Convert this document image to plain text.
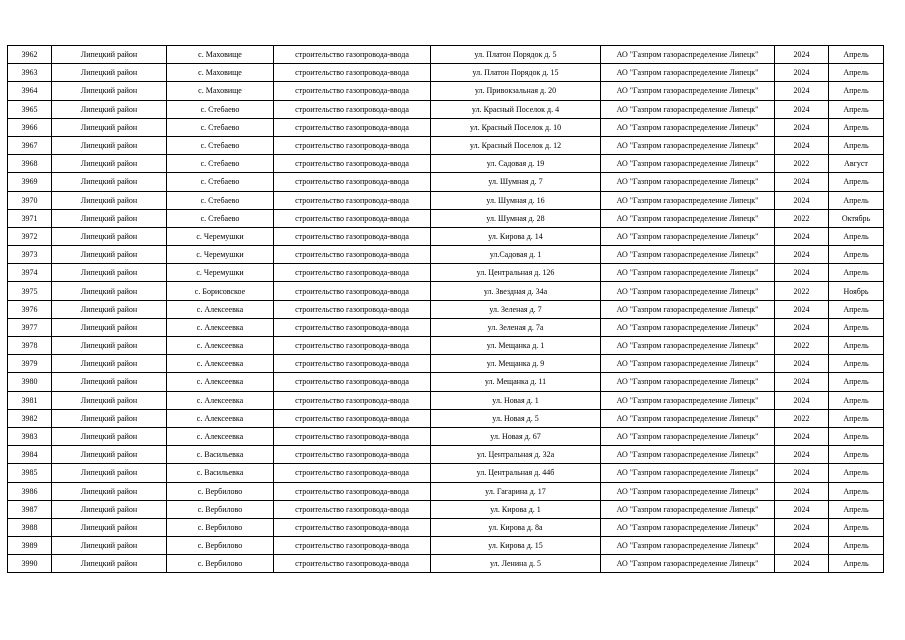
3962	Липецкий район	с. Маховище	строительство газопровода-ввода	ул. Платон Порядок д. 5	АО "Газпром газораспределение Липецк"	2024	Апрель
3963	Липецкий район	с. Маховище	строительство газопровода-ввода	ул. Платон Порядок д. 15	АО "Газпром газораспределение Липецк"	2024	Апрель
3964	Липецкий район	с. Маховище	строительство газопровода-ввода	ул. Привокзальная д. 20	АО "Газпром газораспределение Липецк"	2024	Апрель
3965	Липецкий район	с. Стебаево	строительство газопровода-ввода	ул. Красный Поселок д. 4	АО "Газпром газораспределение Липецк"	2024	Апрель
3966	Липецкий район	с. Стебаево	строительство газопровода-ввода	ул. Красный Поселок д. 10	АО "Газпром газораспределение Липецк"	2024	Апрель
3967	Липецкий район	с. Стебаево	строительство газопровода-ввода	ул. Красный Поселок д. 12	АО "Газпром газораспределение Липецк"	2024	Апрель
3968	Липецкий район	с. Стебаево	строительство газопровода-ввода	ул. Садовая д. 19	АО "Газпром газораспределение Липецк"	2022	Август
3969	Липецкий район	с. Стебаево	строительство газопровода-ввода	ул. Шумная д. 7	АО "Газпром газораспределение Липецк"	2024	Апрель
3970	Липецкий район	с. Стебаево	строительство газопровода-ввода	ул. Шумная д. 16	АО "Газпром газораспределение Липецк"	2024	Апрель
3971	Липецкий район	с. Стебаево	строительство газопровода-ввода	ул. Шумная д. 28	АО "Газпром газораспределение Липецк"	2022	Октябрь
3972	Липецкий район	с. Черемушки	строительство газопровода-ввода	ул. Кирова д. 14	АО "Газпром газораспределение Липецк"	2024	Апрель
3973	Липецкий район	с. Черемушки	строительство газопровода-ввода	ул.Садовая д. 1	АО "Газпром газораспределение Липецк"	2024	Апрель
3974	Липецкий район	с. Черемушки	строительство газопровода-ввода	ул. Центральная д. 126	АО "Газпром газораспределение Липецк"	2024	Апрель
3975	Липецкий район	с. Борисовское	строительство газопровода-ввода	ул. Звездная д. 34а	АО "Газпром газораспределение Липецк"	2022	Ноябрь
3976	Липецкий район	с. Алексеевка	строительство газопровода-ввода	ул. Зеленая д. 7	АО "Газпром газораспределение Липецк"	2024	Апрель
3977	Липецкий район	с. Алексеевка	строительство газопровода-ввода	ул. Зеленая д. 7а	АО "Газпром газораспределение Липецк"	2024	Апрель
3978	Липецкий район	с. Алексеевка	строительство газопровода-ввода	ул. Мещанка д. 1	АО "Газпром газораспределение Липецк"	2022	Апрель
3979	Липецкий район	с. Алексеевка	строительство газопровода-ввода	ул. Мещанка д. 9	АО "Газпром газораспределение Липецк"	2024	Апрель
3980	Липецкий район	с. Алексеевка	строительство газопровода-ввода	ул. Мещанка д. 11	АО "Газпром газораспределение Липецк"	2024	Апрель
3981	Липецкий район	с. Алексеевка	строительство газопровода-ввода	ул. Новая д. 1	АО "Газпром газораспределение Липецк"	2024	Апрель
3982	Липецкий район	с. Алексеевка	строительство газопровода-ввода	ул. Новая д. 5	АО "Газпром газораспределение Липецк"	2022	Апрель
3983	Липецкий район	с. Алексеевка	строительство газопровода-ввода	ул. Новая д. 67	АО "Газпром газораспределение Липецк"	2024	Апрель
3984	Липецкий район	с. Васильевка	строительство газопровода-ввода	ул. Центральная д. 32а	АО "Газпром газораспределение Липецк"	2024	Апрель
3985	Липецкий район	с. Васильевка	строительство газопровода-ввода	ул. Центральная д. 44б	АО "Газпром газораспределение Липецк"	2024	Апрель
3986	Липецкий район	с. Вербилово	строительство газопровода-ввода	ул. Гагарина д. 17	АО "Газпром газораспределение Липецк"	2024	Апрель
3987	Липецкий район	с. Вербилово	строительство газопровода-ввода	ул. Кирова д. 1	АО "Газпром газораспределение Липецк"	2024	Апрель
3988	Липецкий район	с. Вербилово	строительство газопровода-ввода	ул. Кирова д. 8а	АО "Газпром газораспределение Липецк"	2024	Апрель
3989	Липецкий район	с. Вербилово	строительство газопровода-ввода	ул. Кирова д. 15	АО "Газпром газораспределение Липецк"	2024	Апрель
3990	Липецкий район	с. Вербилово	строительство газопровода-ввода	ул. Ленина д. 5	АО "Газпром газораспределение Липецк"	2024	Апрель
